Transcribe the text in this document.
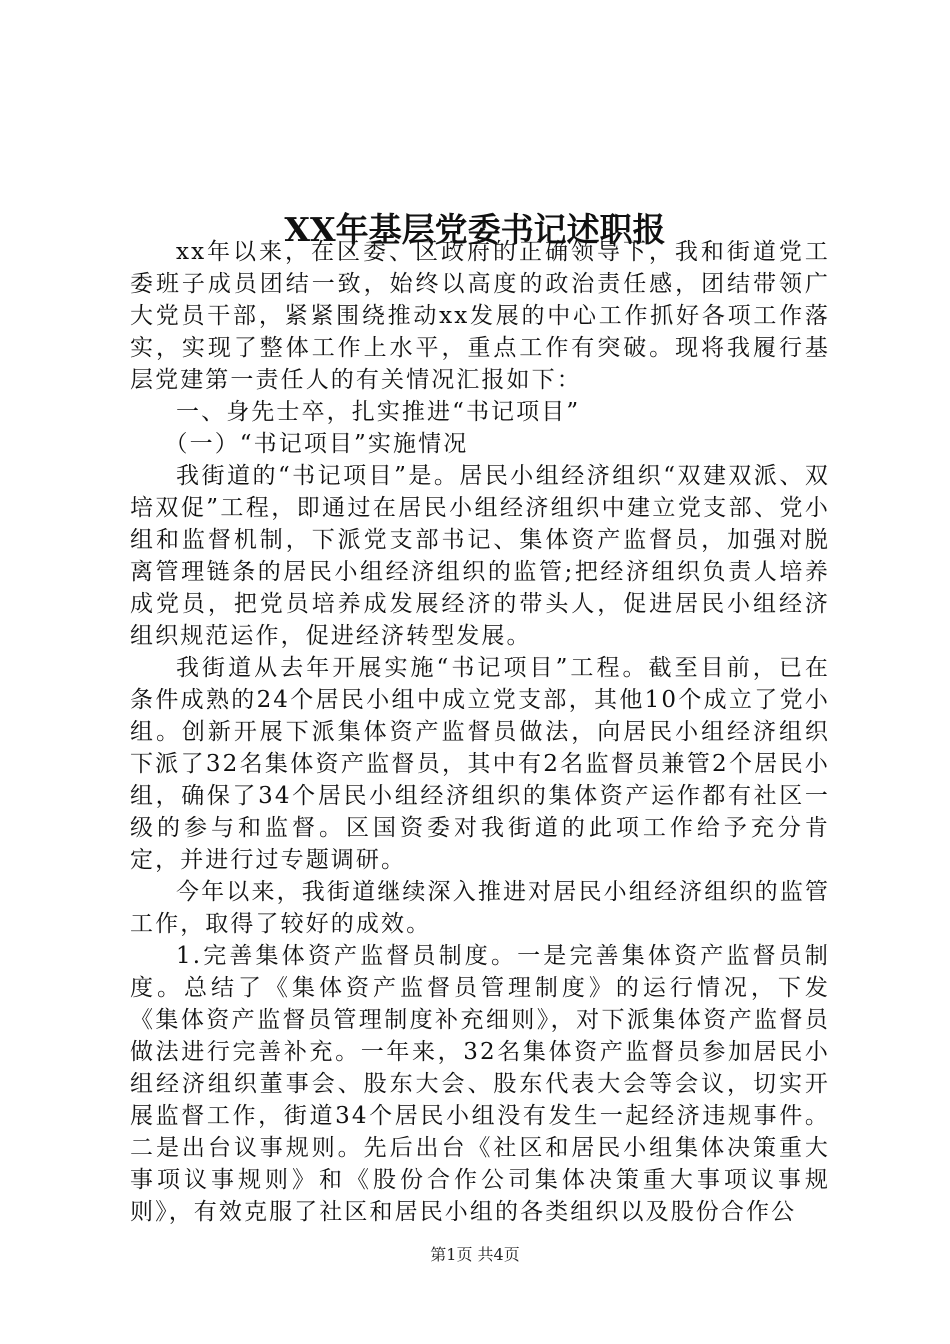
XX年基层党委书记述职报

xx年以来，在区委、区政府的正确领导下，我和街道党工委班子成员团结一致，始终以高度的政治责任感，团结带领广大党员干部，紧紧围绕推动xx发展的中心工作抓好各项工作落实，实现了整体工作上水平，重点工作有突破。现将我履行基层党建第一责任人的有关情况汇报如下：

一、身先士卒，扎实推进“书记项目”

（一）“书记项目”实施情况

我街道的“书记项目”是。居民小组经济组织“双建双派、双培双促”工程，即通过在居民小组经济组织中建立党支部、党小组和监督机制，下派党支部书记、集体资产监督员，加强对脱离管理链条的居民小组经济组织的监管;把经济组织负责人培养成党员，把党员培养成发展经济的带头人，促进居民小组经济组织规范运作，促进经济转型发展。

我街道从去年开展实施“书记项目”工程。截至目前，已在条件成熟的24个居民小组中成立党支部，其他10个成立了党小组。创新开展下派集体资产监督员做法，向居民小组经济组织下派了32名集体资产监督员，其中有2名监督员兼管2个居民小组，确保了34个居民小组经济组织的集体资产运作都有社区一级的参与和监督。区国资委对我街道的此项工作给予充分肯定，并进行过专题调研。

今年以来，我街道继续深入推进对居民小组经济组织的监管工作，取得了较好的成效。

1.完善集体资产监督员制度。一是完善集体资产监督员制度。总结了《集体资产监督员管理制度》的运行情况，下发《集体资产监督员管理制度补充细则》，对下派集体资产监督员做法进行完善补充。一年来，32名集体资产监督员参加居民小组经济组织董事会、股东大会、股东代表大会等会议，切实开展监督工作，街道34个居民小组没有发生一起经济违规事件。二是出台议事规则。先后出台《社区和居民小组集体决策重大事项议事规则》和《股份合作公司集体决策重大事项议事规则》，有效克服了社区和居民小组的各类组织以及股份合作公

第1页 共4页
